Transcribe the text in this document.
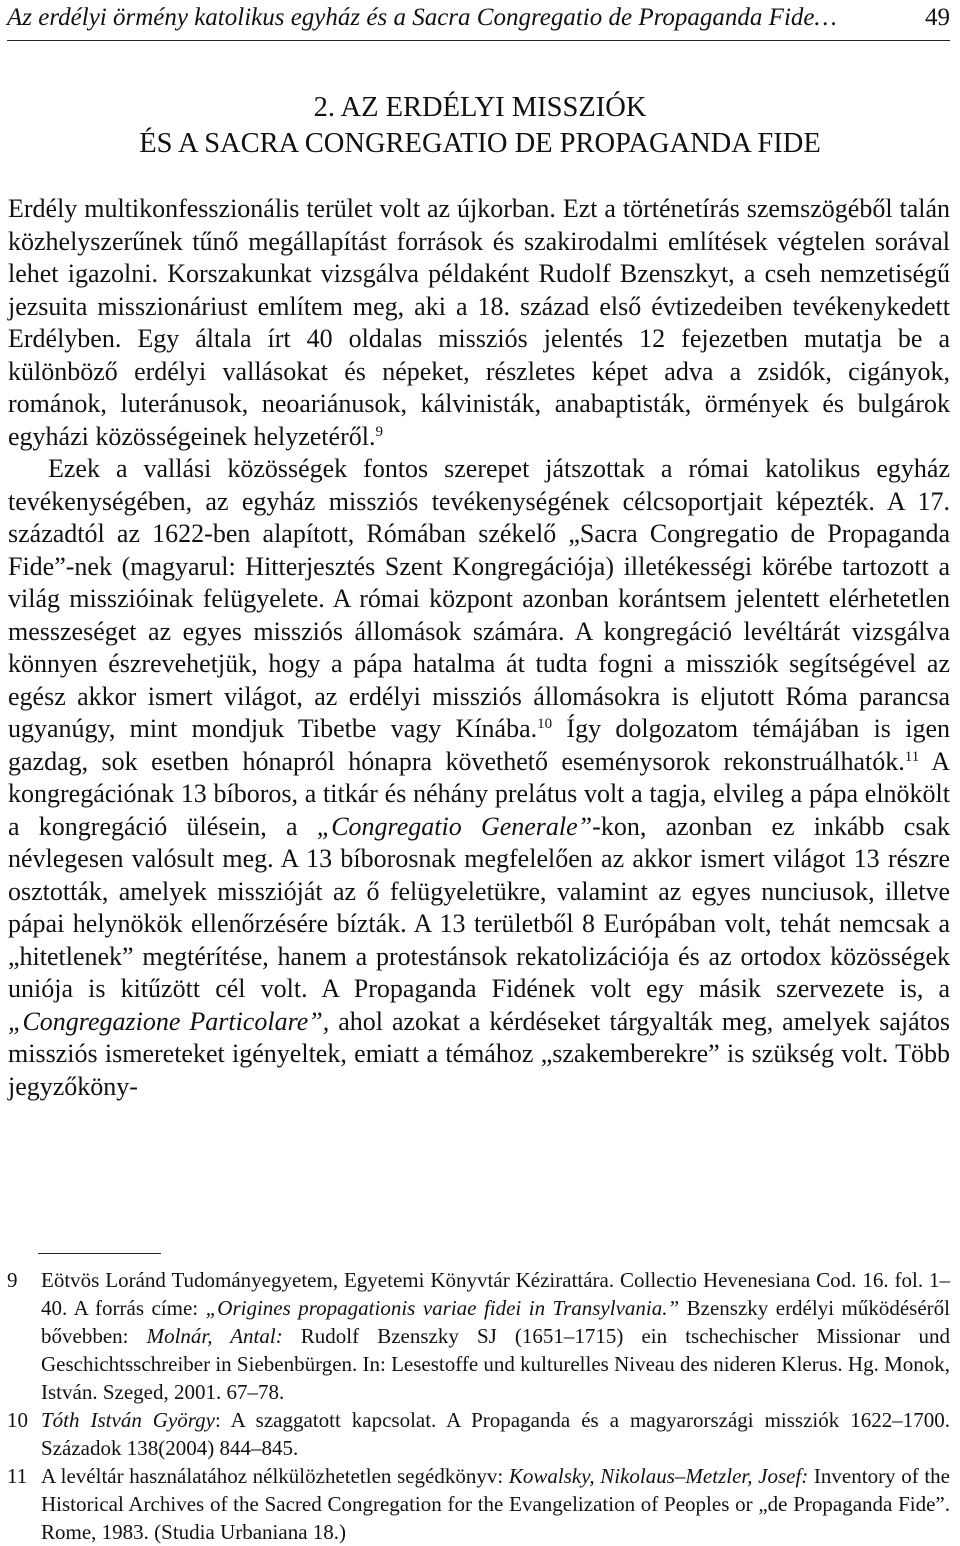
Az erdélyi örmény katolikus egyház és a Sacra Congregatio de Propaganda Fide…	49
2. AZ ERDÉLYI MISSZIÓK
ÉS A SACRA CONGREGATIO DE PROPAGANDA FIDE

Erdély multikonfesszionális terület volt az újkorban. Ezt a történetírás szemszögéből talán közhelyszerűnek tűnő megállapítást források és szakirodalmi említések végtelen sorával lehet igazolni. Korszakunkat vizsgálva példaként Rudolf Bzenszkyt, a cseh nemzetiségű jezsuita misszionáriust említem meg, aki a 18. század első évtizedeiben tevékenykedett Erdélyben. Egy általa írt 40 oldalas missziós jelentés 12 fejezetben mutatja be a különböző erdélyi vallásokat és népeket, részletes képet adva a zsidók, cigányok, románok, luteránusok, neoariánusok, kálvinisták, anabaptisták, örmények és bulgárok egyházi közösségeinek helyzetéről.$^9$

Ezek a vallási közösségek fontos szerepet játszottak a római katolikus egyház tevékenységében, az egyház missziós tevékenységének célcsoportjait képezték. A 17. századtól az 1622-ben alapított, Rómában székelő „Sacra Congregatio de Propaganda Fide”-nek (magyarul: Hitterjesztés Szent Kongregációja) illetékességi körébe tartozott a világ misszióinak felügyelete. A római központ azonban korántsem jelentett elérhetetlen messzeséget az egyes missziós állomások számára. A kongregáció levéltárát vizsgálva könnyen észrevehetjük, hogy a pápa hatalma át tudta fogni a missziók segítségével az egész akkor ismert világot, az erdélyi missziós állomásokra is eljutott Róma parancsa ugyanúgy, mint mondjuk Tibetbe vagy Kínába.$^{10}$ Így dolgozatom témájában is igen gazdag, sok esetben hónapról hónapra követhető eseménysorok rekonstruálhatók.$^{11}$ A kongregációnak 13 bíboros, a titkár és néhány prelátus volt a tagja, elvileg a pápa elnökölt a kongregáció ülésein, a „Congregatio Generale”-kon, azonban ez inkább csak névlegesen valósult meg. A 13 bíborosnak megfelelően az akkor ismert világot 13 részre osztották, amelyek misszióját az ő felügyeletükre, valamint az egyes nunciusok, illetve pápai helynökök ellenőrzésére bízták. A 13 területből 8 Európában volt, tehát nemcsak a „hitetlenek” megtérítése, hanem a protestánsok rekatolizációja és az ortodox közösségek uniója is kitűzött cél volt. A Propaganda Fidének volt egy másik szervezete is, a „Congregazione Particolare”, ahol azokat a kérdéseket tárgyalták meg, amelyek sajátos missziós ismereteket igényeltek, emiatt a témához „szakemberekre” is szükség volt. Több jegyzőköny-

9 Eötvös Loránd Tudományegyetem, Egyetemi Könyvtár Kézirattára. Collectio Hevenesiana Cod. 16. fol. 1–40. A forrás címe: „Origines propagationis variae fidei in Transylvania.” Bzenszky erdélyi működéséről bővebben: Molnár, Antal: Rudolf Bzenszky SJ (1651–1715) ein tschechischer Missionar und Geschichtsschreiber in Siebenbürgen. In: Lesestoffe und kulturelles Niveau des nideren Klerus. Hg. Monok, István. Szeged, 2001. 67–78.

10 Tóth István György: A szaggatott kapcsolat. A Propaganda és a magyarországi missziók 1622–1700. Századok 138(2004) 844–845.

11 A levéltár használatához nélkülözhetetlen segédkönyv: Kowalsky, Nikolaus–Metzler, Josef: Inventory of the Historical Archives of the Sacred Congregation for the Evangelization of Peoples or „de Propaganda Fide”. Rome, 1983. (Studia Urbaniana 18.)
